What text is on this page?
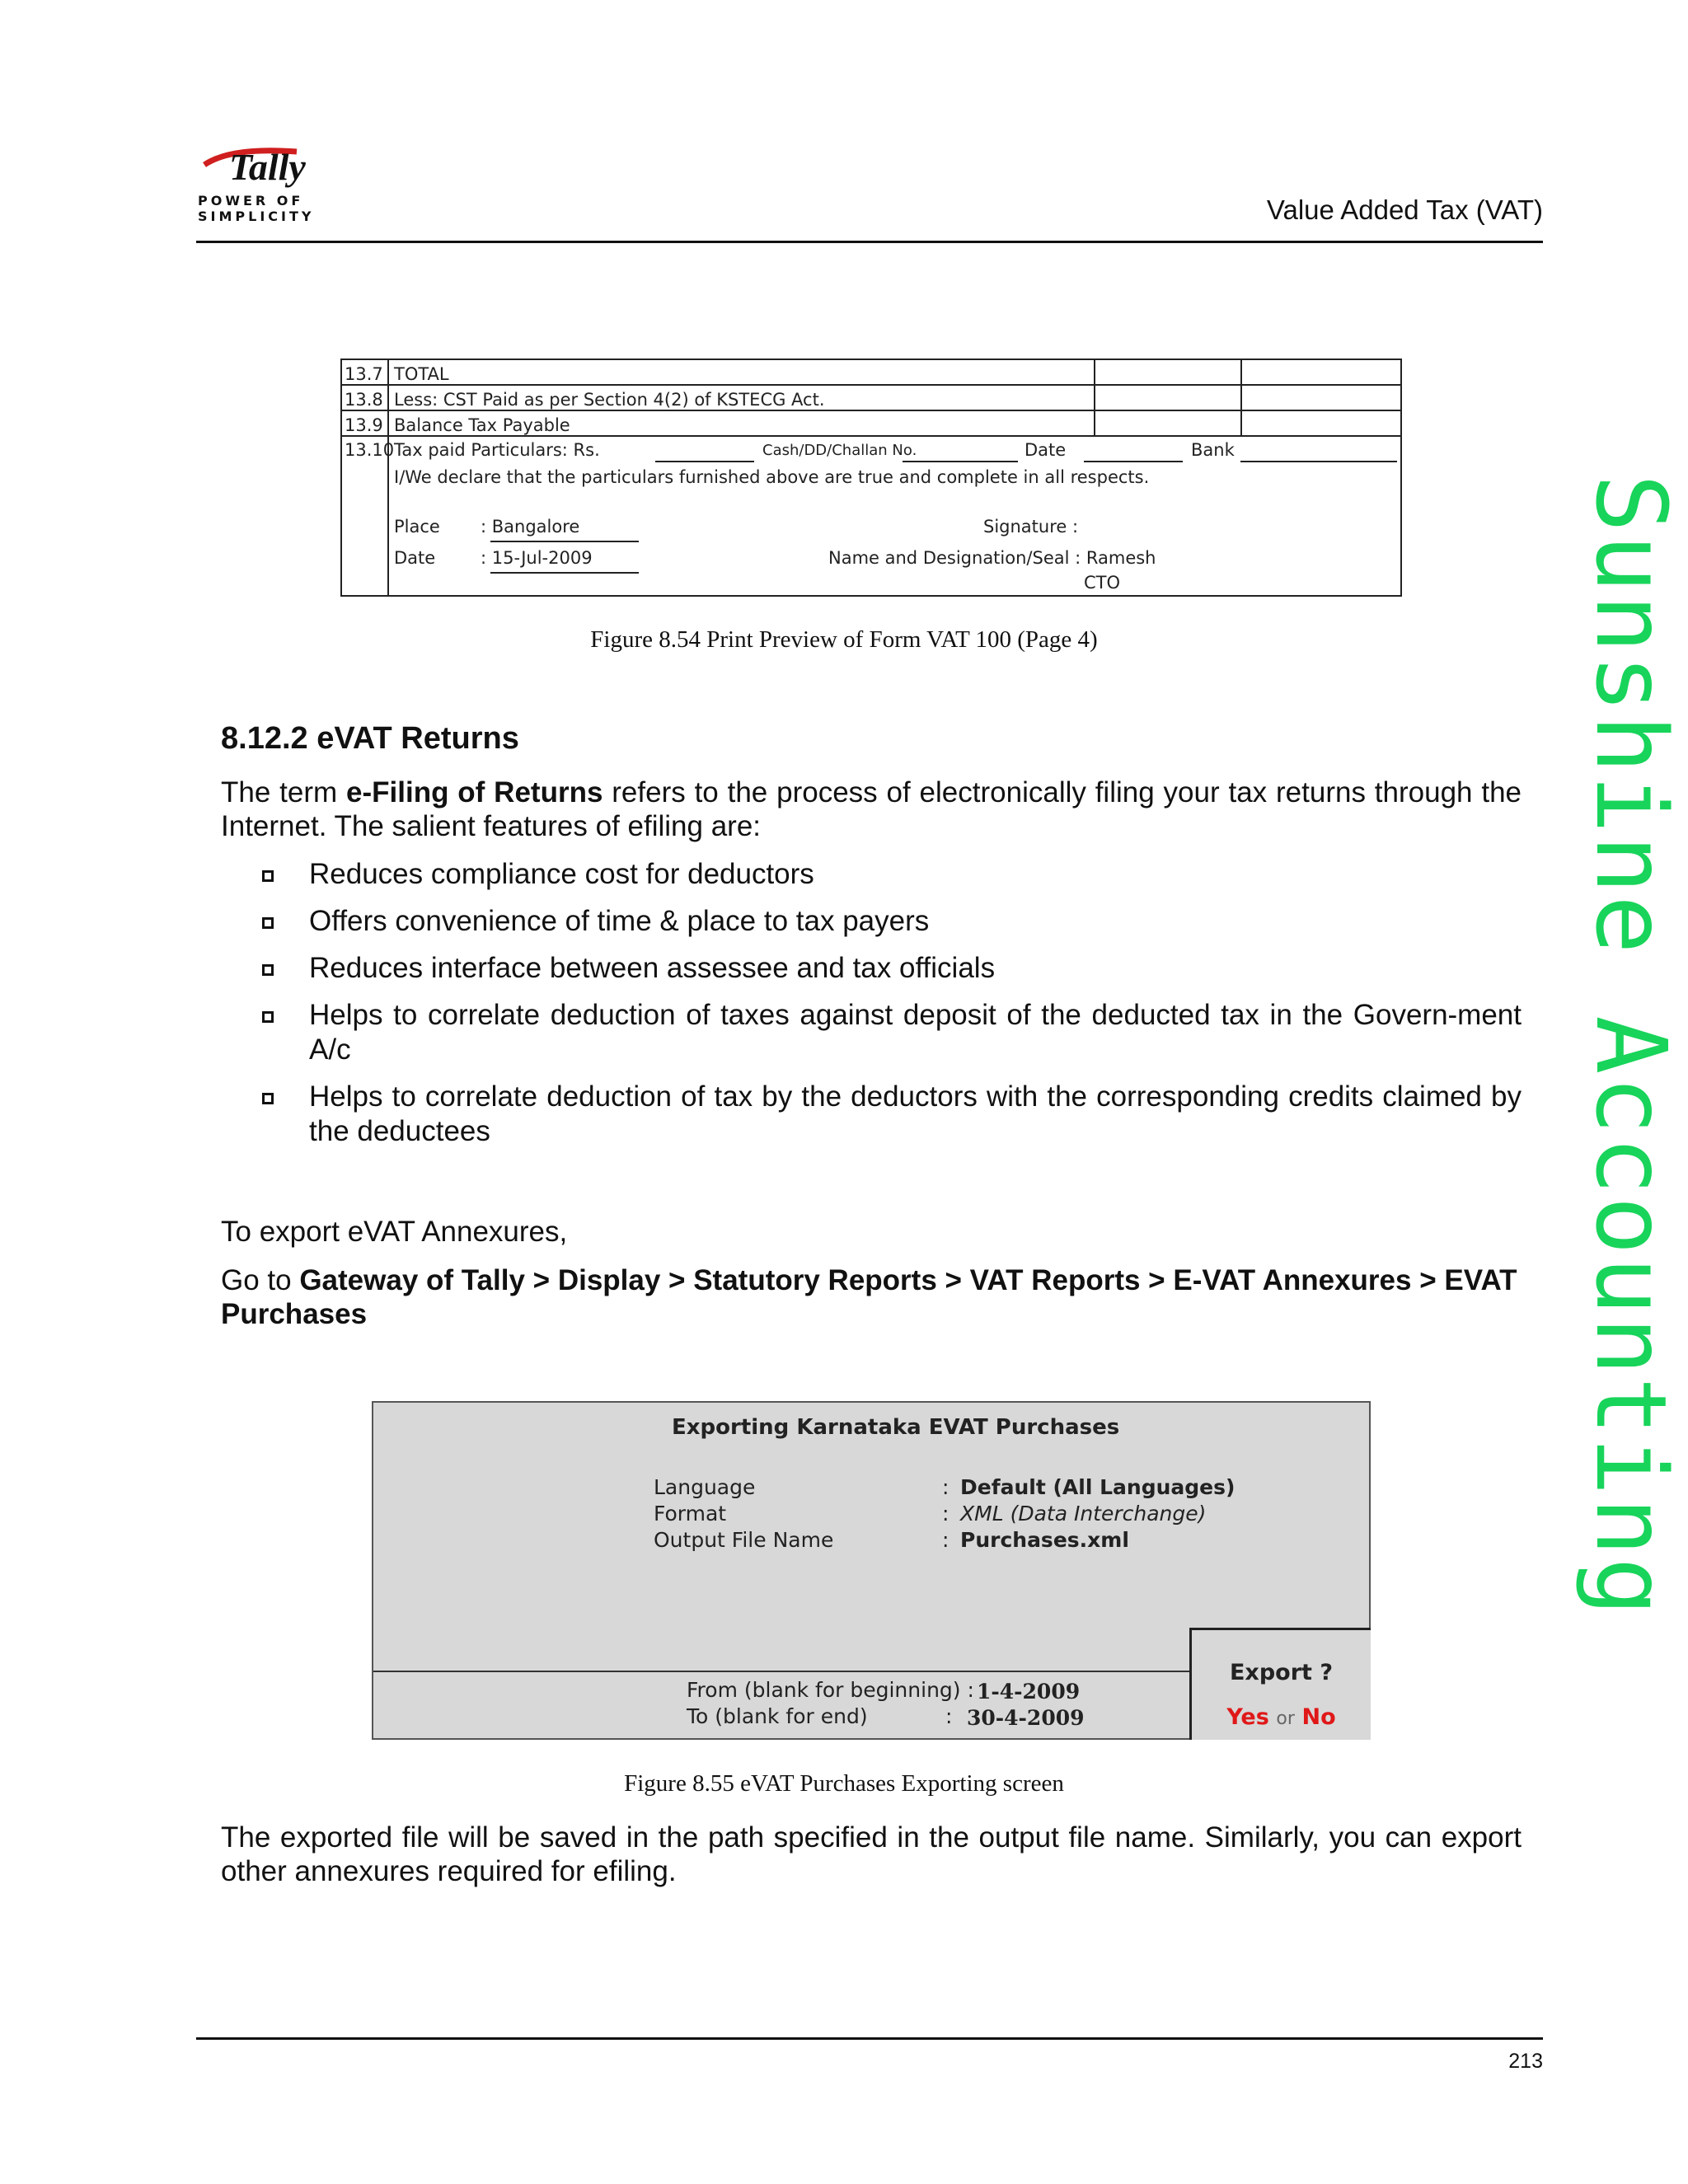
Tally
POWER OF SIMPLICITY	Value Added Tax (VAT)
Sunshine Accounting
13.7 TOTAL
13.8 Less: CST Paid as per Section 4(2) of KSTECG Act.
13.9 Balance Tax Payable
13.10 Tax paid Particulars: Rs.	Cash/DD/Challan No.	Date	Bank
I/We declare that the particulars furnished above are true and complete in all respects.
Place : Bangalore
Date	: 15-Jul-2009
Signature :
Name and Designation/Seal : Ramesh
CTO
Figure 8.54 Print Preview of Form VAT 100 (Page 4)
8.12.2 eVAT Returns
The term e-Filing of Returns refers to the process of electronically filing your tax returns through the Internet. The salient features of efiling are:
Reduces compliance cost for deductors
Offers convenience of time & place to tax payers
Reduces interface between assessee and tax officials
Helps to correlate deduction of taxes against deposit of the deducted tax in the Govern-ment A/c
Helps to correlate deduction of tax by the deductors with the corresponding credits claimed by the deductees
To export eVAT Annexures,
Go to Gateway of Tally > Display > Statutory Reports > VAT Reports > E-VAT Annexures > EVAT Purchases
Exporting Karnataka EVAT Purchases
Language	: Default (All Languages)
Format	: XML (Data Interchange)
Output File Name	: Purchases.xml
From (blank for beginning) : 1-4-2009
To (blank for end)	: 30-4-2009
Export ?
Yes or No
Figure 8.55 eVAT Purchases Exporting screen
The exported file will be saved in the path specified in the output file name. Similarly, you can export other annexures required for efiling.
213
